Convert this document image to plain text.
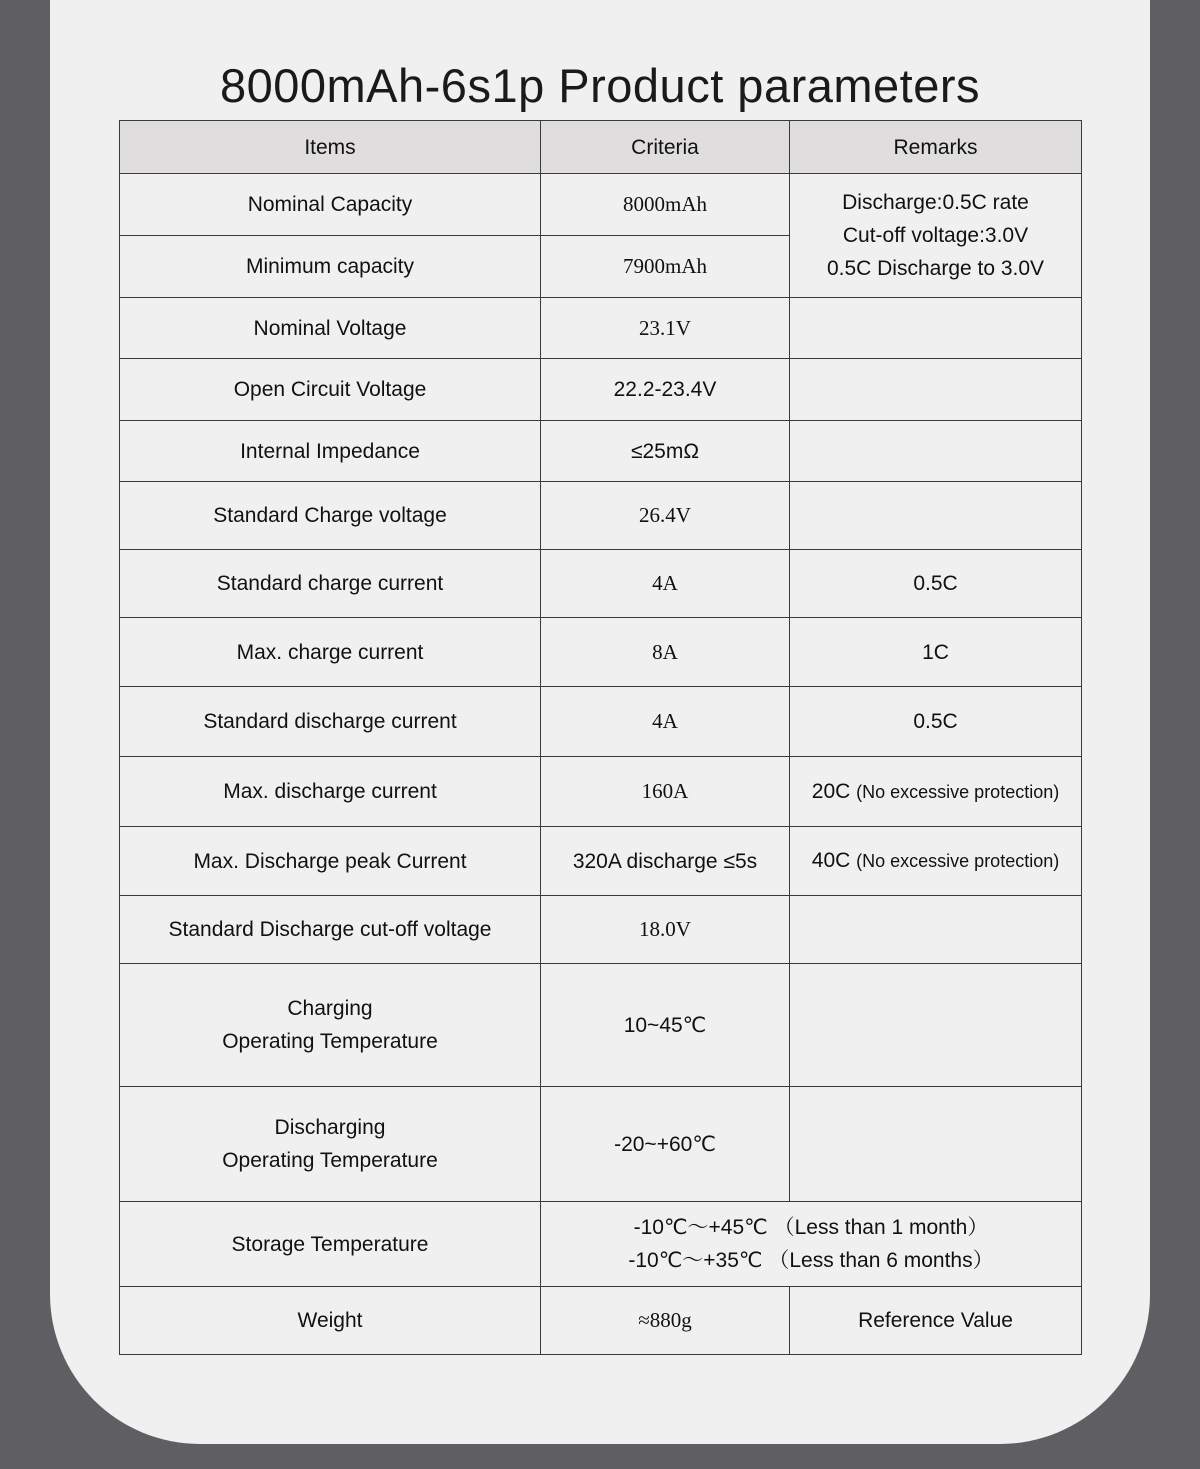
8000mAh-6s1p Product parameters
Items	Criteria	Remarks
Nominal Capacity	8000mAh	Discharge:0.5C rate
Cut-off voltage:3.0V
0.5C Discharge to 3.0V

Minimum capacity	7900mAh	
Nominal Voltage	23.1V	
Open Circuit Voltage	22.2-23.4V	
Internal Impedance	≤25mΩ	
Standard Charge voltage	26.4V	
Standard charge current	4A	0.5C
Max. charge current	8A	1C
Standard discharge current	4A	0.5C
Max. discharge current	160A	20C (No excessive protection)
Max. Discharge peak Current	320A discharge ≤5s	40C (No excessive protection)
Standard Discharge cut-off voltage	18.0V	

Charging
Operating Temperature	10~45℃	

Discharging
Operating Temperature	-20~+60℃	
Storage Temperature	-10℃～+45℃ （Less than 1 month）
-10℃～+35℃ （Less than 6 months）	

Weight	≈880g	Reference Value
